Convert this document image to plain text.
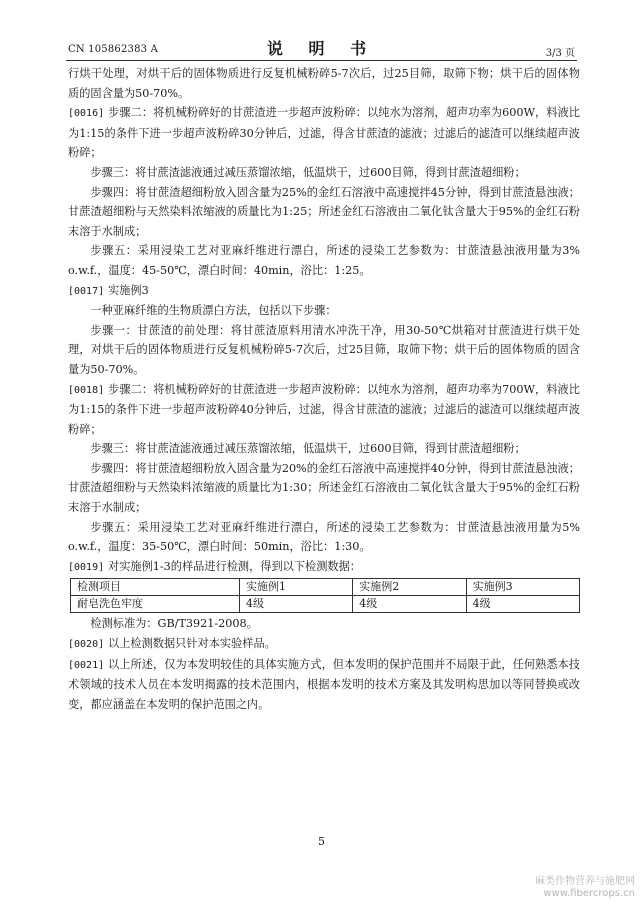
CN 105862383 A	说 明 书	3/3 页

行烘干处理，对烘干后的固体物质进行反复机械粉碎5-7次后，过25目筛，取筛下物；烘干后的固体物质的固含量为50-70%。

[0016] 步骤二：将机械粉碎好的甘蔗渣进一步超声波粉碎：以纯水为溶剂，超声功率为600W，料液比为1:15的条件下进一步超声波粉碎30分钟后，过滤，得含甘蔗渣的滤液；过滤后的滤渣可以继续超声波粉碎；

步骤三：将甘蔗渣滤液通过减压蒸馏浓缩，低温烘干，过600目筛，得到甘蔗渣超细粉；

步骤四：将甘蔗渣超细粉放入固含量为25%的金红石溶液中高速搅拌45分钟，得到甘蔗渣悬浊液；甘蔗渣超细粉与天然染料浓缩液的质量比为1:25；所述金红石溶液由二氧化钛含量大于95%的金红石粉末溶于水制成；

步骤五：采用浸染工艺对亚麻纤维进行漂白，所述的浸染工艺参数为：甘蔗渣悬浊液用量为3% o.w.f.，温度：45-50℃，漂白时间：40min，浴比：1:25。

[0017] 实施例3

一种亚麻纤维的生物质漂白方法，包括以下步骤：

步骤一：甘蔗渣的前处理：将甘蔗渣原料用清水冲洗干净，用30-50℃烘箱对甘蔗渣进行烘干处理，对烘干后的固体物质进行反复机械粉碎5-7次后，过25目筛，取筛下物；烘干后的固体物质的固含量为50-70%。

[0018] 步骤二：将机械粉碎好的甘蔗渣进一步超声波粉碎：以纯水为溶剂，超声功率为700W，料液比为1:15的条件下进一步超声波粉碎40分钟后，过滤，得含甘蔗渣的滤液；过滤后的滤渣可以继续超声波粉碎；

步骤三：将甘蔗渣滤液通过减压蒸馏浓缩，低温烘干，过600目筛，得到甘蔗渣超细粉；

步骤四：将甘蔗渣超细粉放入固含量为20%的金红石溶液中高速搅拌40分钟，得到甘蔗渣悬浊液；甘蔗渣超细粉与天然染料浓缩液的质量比为1:30；所述金红石溶液由二氧化钛含量大于95%的金红石粉末溶于水制成；

步骤五：采用浸染工艺对亚麻纤维进行漂白，所述的浸染工艺参数为：甘蔗渣悬浊液用量为5% o.w.f.，温度：35-50℃，漂白时间：50min，浴比：1:30。

[0019] 对实施例1-3的样品进行检测，得到以下检测数据：

检测项目	实施例1	实施例2	实施例3
耐皂洗色牢度	4级	4级	4级

检测标准为：GB/T3921-2008。

[0020] 以上检测数据只针对本实验样品。

[0021] 以上所述，仅为本发明较佳的具体实施方式，但本发明的保护范围并不局限于此，任何熟悉本技术领域的技术人员在本发明揭露的技术范围内，根据本发明的技术方案及其发明构思加以等同替换或改变，都应涵盖在本发明的保护范围之内。

5
麻类作物营养与施肥网
www.fibercrops.cn
